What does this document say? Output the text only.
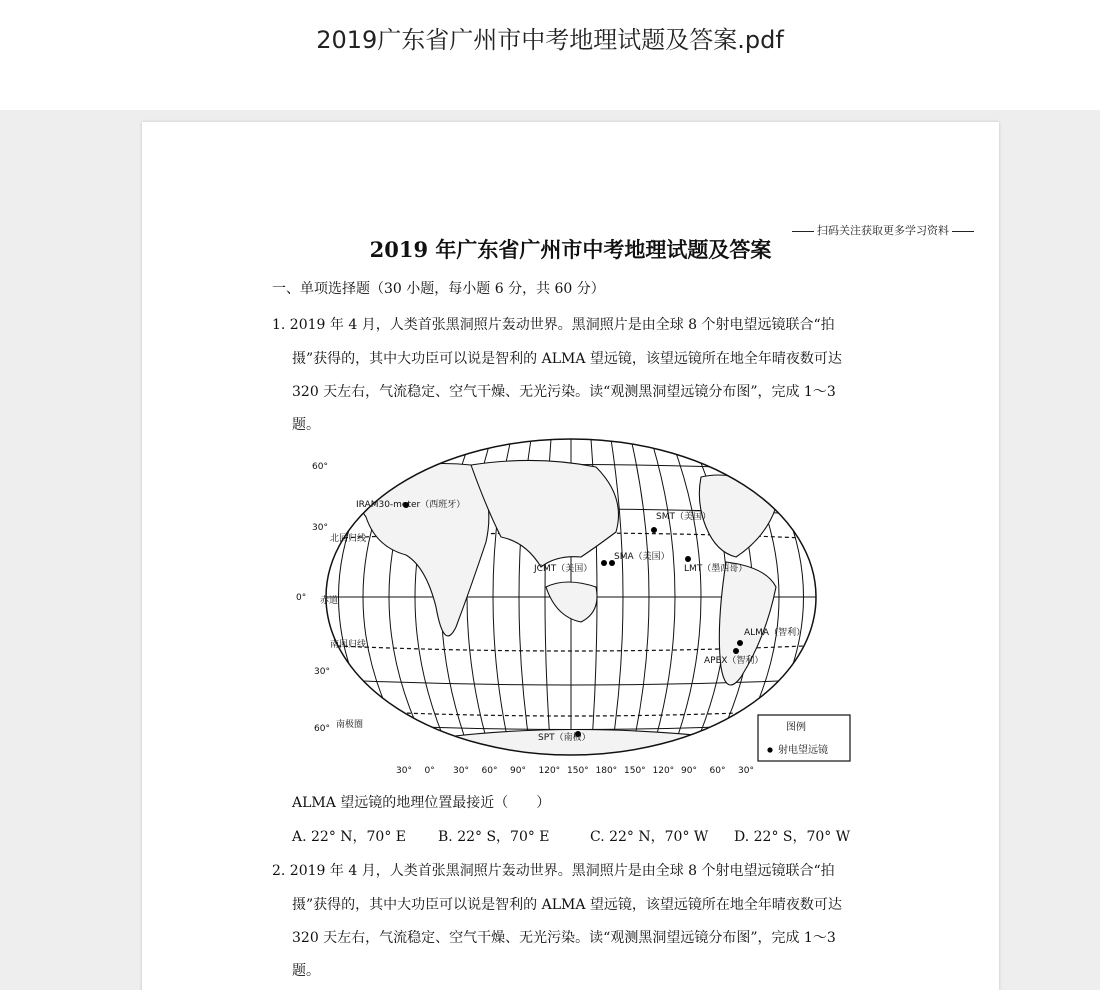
2019广东省广州市中考地理试题及答案.pdf
扫码关注获取更多学习资料
2019 年广东省广州市中考地理试题及答案
一、单项选择题（30 小题，每小题 6 分，共 60 分）
1. 2019 年 4 月，人类首张黑洞照片轰动世界。黑洞照片是由全球 8 个射电望远镜联合“拍
摄”获得的，其中大功臣可以说是智利的 ALMA 望远镜，该望远镜所在地全年晴夜数可达
320 天左右，气流稳定、空气干燥、无光污染。读“观测黑洞望远镜分布图”，完成 1～3
题。
60°
30°
0°
30°
60°
北回归线
赤道
南回归线
南极圈
30° 0° 30° 60° 90° 120° 150° 180° 150° 120° 90° 60° 30°
IRAM30-meter（西班牙）
SMT（美国）
JCMT（美国）
SMA（美国）
LMT（墨西哥）
ALMA（智利）
APEX（智利）
SPT（南极）
图例
射电望远镜
ALMA 望远镜的地理位置最接近（　　）
A. 22° N，70° E B. 22° S，70° E	C. 22° N，70° W D. 22° S，70° W
2. 2019 年 4 月，人类首张黑洞照片轰动世界。黑洞照片是由全球 8 个射电望远镜联合“拍
摄”获得的，其中大功臣可以说是智利的 ALMA 望远镜，该望远镜所在地全年晴夜数可达
320 天左右，气流稳定、空气干燥、无光污染。读“观测黑洞望远镜分布图”，完成 1～3
题。
